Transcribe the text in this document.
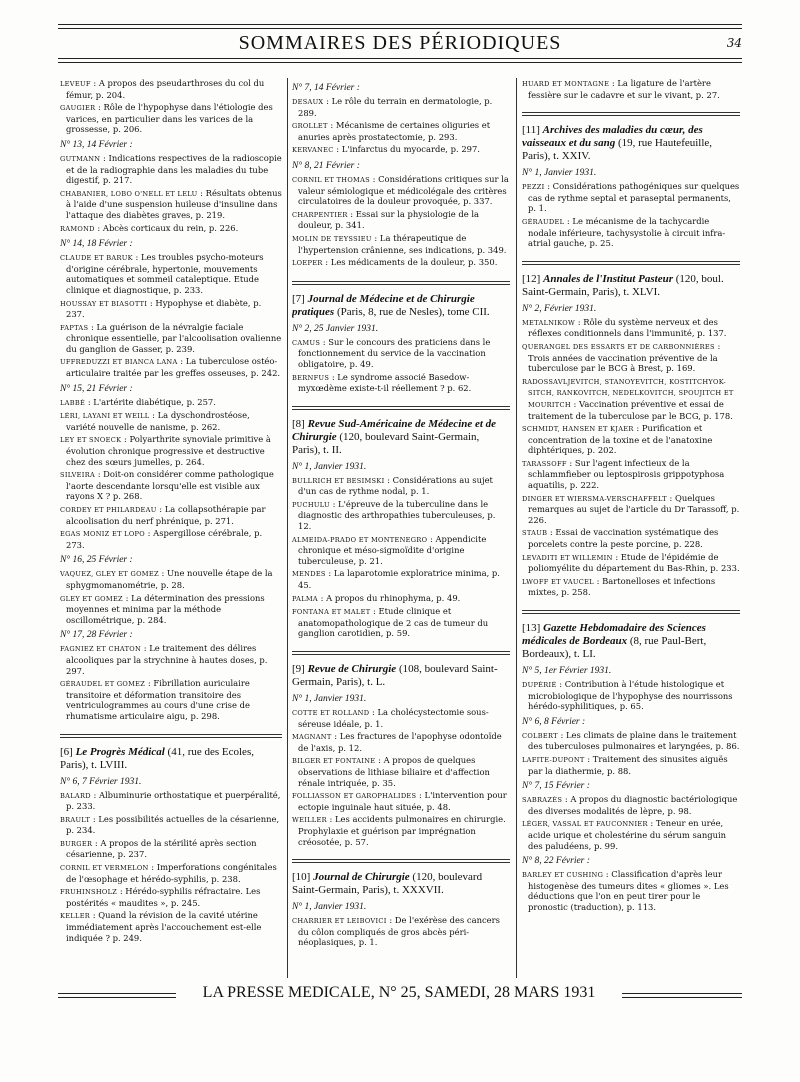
SOMMAIRES DES PÉRIODIQUES	34
LEVEUF : A propos des pseudarthroses du col du fémur, p. 204.
GAUGIER : Rôle de l'hypophyse dans l'étiologie des varices, en particulier dans les varices de la grossesse, p. 206.
N° 13, 14 Février :
GUTMANN : Indications respectives de la radioscopie et de la radiographie dans les maladies du tube digestif, p. 217.
CHABANIER, LOBO O'NELL ET LELU : Résultats obtenus à l'aide d'une suspension huileuse d'insuline dans l'attaque des diabètes graves, p. 219.
RAMOND : Abcès corticaux du rein, p. 226.
N° 14, 18 Février :
CLAUDE ET BARUK : Les troubles psycho-moteurs d'origine cérébrale, hypertonie, mouvements automatiques et sommeil cataleptique. Etude clinique et diagnostique, p. 233.
HOUSSAY ET BIASOTTI : Hypophyse et diabète, p. 237.
FAPTAS : La guérison de la névralgie faciale chronique essentielle, par l'alcoolisation ovalienne du ganglion de Gasser, p. 239.
UFFREDUZZI ET BIANCA LANA : La tuberculose ostéo-articulaire traitée par les greffes osseuses, p. 242.
N° 15, 21 Février :
LABBÉ : L'artérite diabétique, p. 257.
LÉRI, LAYANI ET WEILL : La dyschondrostéose, variété nouvelle de nanisme, p. 262.
LEY ET SNOECK : Polyarthrite synoviale primitive à évolution chronique progressive et destructive chez des sœurs jumelles, p. 264.
SILVEIRA : Doit-on considérer comme pathologique l'aorte descendante lorsqu'elle est visible aux rayons X ? p. 268.
CORDEY ET PHILARDEAU : La collapsothérapie par alcoolisation du nerf phrénique, p. 271.
EGAS MONIZ ET LOPO : Aspergillose cérébrale, p. 273.
N° 16, 25 Février :
VAQUEZ, GLEY ET GOMEZ : Une nouvelle étape de la sphygmomanométrie, p. 28.
GLEY ET GOMEZ : La détermination des pressions moyennes et minima par la méthode oscillométrique, p. 284.
N° 17, 28 Février :
FAGNIEZ ET CHATON : Le traitement des délires alcooliques par la strychnine à hautes doses, p. 297.
GÉRAUDEL ET GOMEZ : Fibrillation auriculaire transitoire et déformation transitoire des ventriculogrammes au cours d'une crise de rhumatisme articulaire aigu, p. 298.
[6] Le Progrès Médical (41, rue des Ecoles, Paris), t. LVIII.
N° 6, 7 Février 1931.
BALARD : Albuminurie orthostatique et puerpéralité, p. 233.
BRAULT : Les possibilités actuelles de la césarienne, p. 234.
BURGER : A propos de la stérilité après section césarienne, p. 237.
CORNIL ET VERMELON : Imperforations congénitales de l'œsophage et hérédo-syphilis, p. 238.
FRUHINSHOLZ : Hérédo-syphilis réfractaire. Les postérités « maudites », p. 245.
KELLER : Quand la révision de la cavité utérine immédiatement après l'accouchement est-elle indiquée ? p. 249.
N° 7, 14 Février :
DESAUX : Le rôle du terrain en dermatologie, p. 289.
GROLLET : Mécanisme de certaines oliguries et anuries après prostatectomie, p. 293.
KERVANEC : L'infarctus du myocarde, p. 297.
N° 8, 21 Février :
CORNIL ET THOMAS : Considérations critiques sur la valeur sémiologique et médicolégale des critères circulatoires de la douleur provoquée, p. 337.
CHARPENTIER : Essai sur la physiologie de la douleur, p. 341.
MOLIN DE TEYSSIEU : La thérapeutique de l'hypertension crânienne, ses indications, p. 349.
LOEPER : Les médicaments de la douleur, p. 350.
[7] Journal de Médecine et de Chirurgie pratiques (Paris, 8, rue de Nesles), tome CII.
N° 2, 25 Janvier 1931.
CAMUS : Sur le concours des praticiens dans le fonctionnement du service de la vaccination obligatoire, p. 49.
BERNFUS : Le syndrome associé Basedow-myxœdème existe-t-il réellement ? p. 62.
[8] Revue Sud-Américaine de Médecine et de Chirurgie (120, boulevard Saint-Germain, Paris), t. II.
N° 1, Janvier 1931.
BULLRICH ET BESIMSKI : Considérations au sujet d'un cas de rythme nodal, p. 1.
PUCHULU : L'épreuve de la tuberculine dans le diagnostic des arthropathies tuberculeuses, p. 12.
ALMEIDA-PRADO ET MONTENEGRO : Appendicite chronique et méso-sigmoïdite d'origine tuberculeuse, p. 21.
MENDES : La laparotomie exploratrice minima, p. 45.
PALMA : A propos du rhinophyma, p. 49.
FONTANA ET MALET : Etude clinique et anatomopathologique de 2 cas de tumeur du ganglion carotidien, p. 59.
[9] Revue de Chirurgie (108, boulevard Saint-Germain, Paris), t. L.
N° 1, Janvier 1931.
COTTE ET ROLLAND : La cholécystectomie sous-séreuse idéale, p. 1.
MAGNANT : Les fractures de l'apophyse odontoïde de l'axis, p. 12.
BILGER ET FONTAINE : A propos de quelques observations de lithiase biliaire et d'affection rénale intriquée, p. 35.
FOLLIASSON ET GAROPHALIDES : L'intervention pour ectopie inguinale haut située, p. 48.
WEILLER : Les accidents pulmonaires en chirurgie. Prophylaxie et guérison par imprégnation créosotée, p. 57.
[10] Journal de Chirurgie (120, boulevard Saint-Germain, Paris), t. XXXVII.
N° 1, Janvier 1931.
CHARRIER ET LEIBOVICI : De l'exérèse des cancers du côlon compliqués de gros abcès péri-néoplasiques, p. 1.
HUARD ET MONTAGNE : La ligature de l'artère fessière sur le cadavre et sur le vivant, p. 27.
[11] Archives des maladies du cœur, des vaisseaux et du sang (19, rue Hautefeuille, Paris), t. XXIV.
N° 1, Janvier 1931.
PEZZI : Considérations pathogéniques sur quelques cas de rythme septal et paraseptal permanents, p. 1.
GÉRAUDEL : Le mécanisme de la tachycardie nodale inférieure, tachysystolie à circuit infra-atrial gauche, p. 25.
[12] Annales de l'Institut Pasteur (120, boul. Saint-Germain, Paris), t. XLVI.
N° 2, Février 1931.
METALNIKOW : Rôle du système nerveux et des réflexes conditionnels dans l'immunité, p. 137.
QUERANGEL DES ESSARTS ET DE CARBONNIÈRES : Trois années de vaccination préventive de la tuberculose par le BCG à Brest, p. 169.
RADOSSAVLJEVITCH, STANOYEVITCH, KOSTITCHYOK-SITCH, RANKOVITCH, NEDELKOVITCH, SPOUJITCH ET MOURITCH : Vaccination préventive et essai de traitement de la tuberculose par le BCG, p. 178.
SCHMIDT, HANSEN ET KJAER : Purification et concentration de la toxine et de l'anatoxine diphtériques, p. 202.
TARASSOFF : Sur l'agent infectieux de la schlammfieber ou leptospirosis grippotyphosa aquatilis, p. 222.
DINGER ET WIERSMA-VERSCHAFFELT : Quelques remarques au sujet de l'article du Dr Tarassoff, p. 226.
STAUB : Essai de vaccination systématique des porcelets contre la peste porcine, p. 228.
LEVADITI ET WILLEMIN : Etude de l'épidémie de poliomyélite du département du Bas-Rhin, p. 233.
LWOFF ET VAUCEL : Bartonelloses et infections mixtes, p. 258.
[13] Gazette Hebdomadaire des Sciences médicales de Bordeaux (8, rue Paul-Bert, Bordeaux), t. LI.
N° 5, 1er Février 1931.
DUPÉRIÉ : Contribution à l'étude histologique et microbiologique de l'hypophyse des nourrissons hérédo-syphilitiques, p. 65.
N° 6, 8 Février :
COLBERT : Les climats de plaine dans le traitement des tuberculoses pulmonaires et laryngées, p. 86.
LAFITE-DUPONT : Traitement des sinusites aiguës par la diathermie, p. 88.
N° 7, 15 Février :
SABRAZÈS : A propos du diagnostic bactériologique des diverses modalités de lèpre, p. 98.
LÉGER, VASSAL ET FAUCONNIER : Teneur en urée, acide urique et cholestérine du sérum sanguin des paludéens, p. 99.
N° 8, 22 Février :
BARLEY ET CUSHING : Classification d'après leur histogenèse des tumeurs dites « gliomes ». Les déductions que l'on en peut tirer pour le pronostic (traduction), p. 113.
LA PRESSE MEDICALE, N° 25, SAMEDI, 28 MARS 1931
